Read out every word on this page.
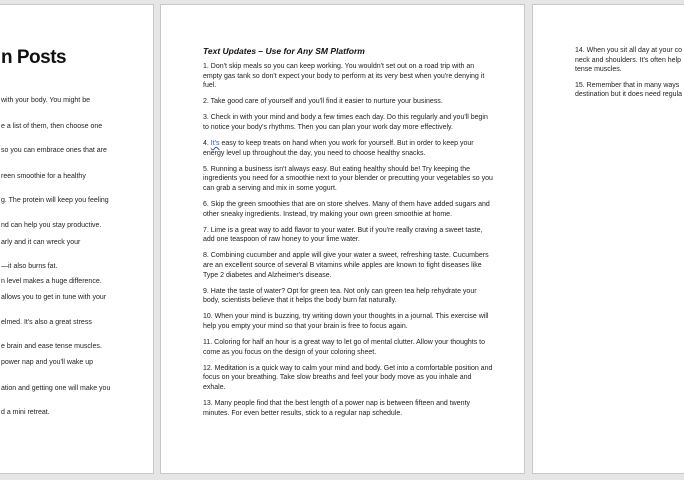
n Posts
with your body. You might be
e a list of them, then choose one
so you can embrace ones that are
reen smoothie for a healthy
g. The protein will keep you feeling
nd can help you stay productive.
arly and it can wreck your
—it also burns fat.
n level makes a huge difference.
allows you to get in tune with your
elmed. It's also a great stress
e brain and ease tense muscles.
power nap and you'll wake up
ation and getting one will make you
d a mini retreat.
Text Updates – Use for Any SM Platform

1. Don't skip meals so you can keep working. You wouldn't set out on a road trip with an empty gas tank so don't expect your body to perform at its very best when you're denying it fuel.

2. Take good care of yourself and you'll find it easier to nurture your business.

3. Check in with your mind and body a few times each day. Do this regularly and you'll begin to notice your body's rhythms. Then you can plan your work day more effectively.

4. It's easy to keep treats on hand when you work for yourself. But in order to keep your energy level up throughout the day, you need to choose healthy snacks.

5. Running a business isn't always easy. But eating healthy should be! Try keeping the ingredients you need for a smoothie next to your blender or precutting your vegetables so you can grab a serving and mix in some yogurt.

6. Skip the green smoothies that are on store shelves. Many of them have added sugars and other sneaky ingredients. Instead, try making your own green smoothie at home.

7. Lime is a great way to add flavor to your water. But if you're really craving a sweet taste, add one teaspoon of raw honey to your lime water.

8. Combining cucumber and apple will give your water a sweet, refreshing taste. Cucumbers are an excellent source of several B vitamins while apples are known to fight diseases like Type 2 diabetes and Alzheimer's disease.

9. Hate the taste of water? Opt for green tea. Not only can green tea help rehydrate your body, scientists believe that it helps the body burn fat naturally.

10. When your mind is buzzing, try writing down your thoughts in a journal. This exercise will help you empty your mind so that your brain is free to focus again.

11. Coloring for half an hour is a great way to let go of mental clutter. Allow your thoughts to come as you focus on the design of your coloring sheet.

12. Meditation is a quick way to calm your mind and body. Get into a comfortable position and focus on your breathing. Take slow breaths and feel your body move as you inhale and exhale.

13. Many people find that the best length of a power nap is between fifteen and twenty minutes. For even better results, stick to a regular nap schedule.

14. When you sit all day at your co
neck and shoulders. It's often help
tense muscles.
15. Remember that in many ways
destination but it does need regula
